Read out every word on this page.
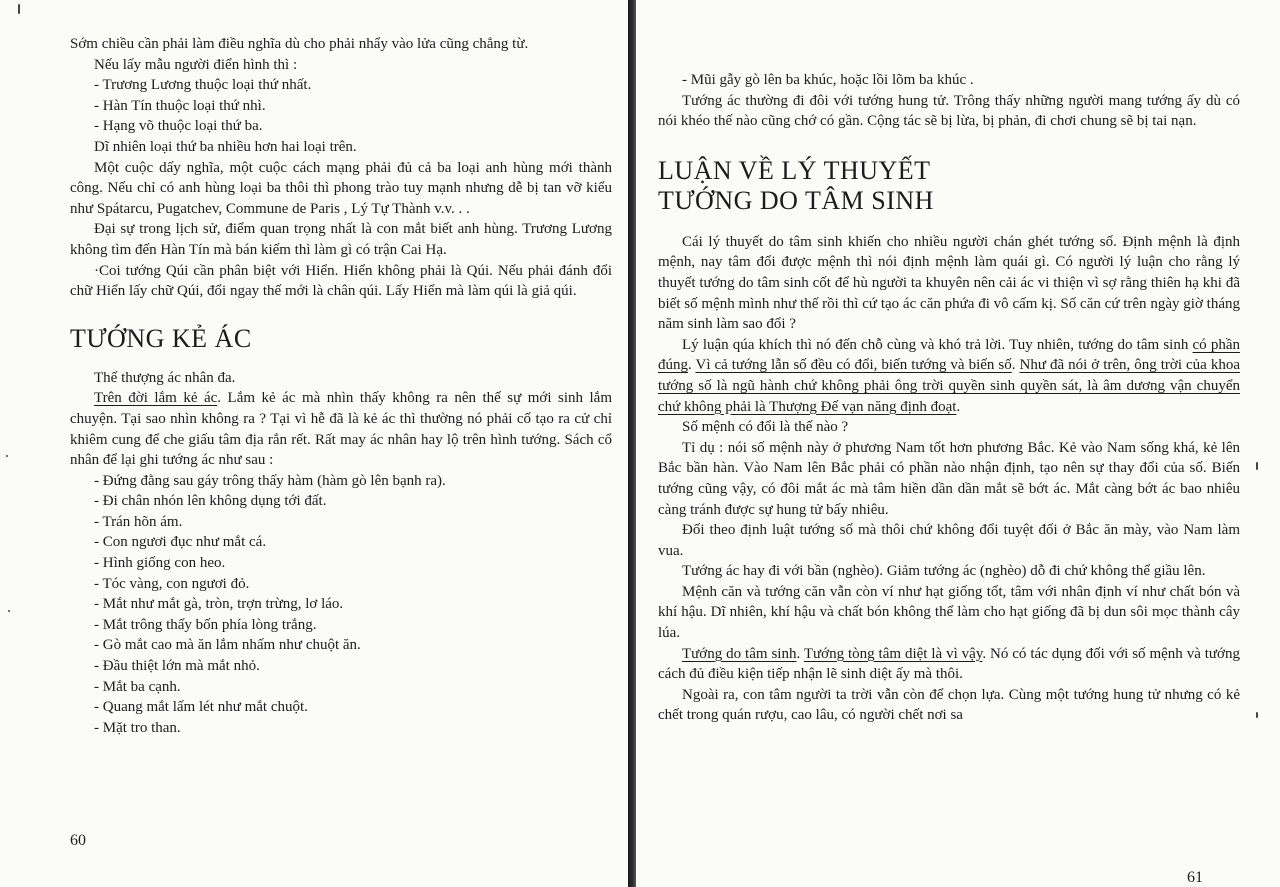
Sớm chiều cần phải làm điều nghĩa dù cho phải nhẩy vào lửa cũng chẳng từ.

Nếu lấy mẫu người điển hình thì :

- Trương Lương thuộc loại thứ nhất.

- Hàn Tín thuộc loại thứ nhì.

- Hạng võ thuộc loại thứ ba.

Dĩ nhiên loại thứ ba nhiều hơn hai loại trên.

Một cuộc dấy nghĩa, một cuộc cách mạng phải đủ cả ba loại anh hùng mới thành công. Nếu chỉ có anh hùng loại ba thôi thì phong trào tuy mạnh nhưng dễ bị tan vỡ kiểu như Spátarcu, Pugatchev, Commune de Paris , Lý Tự Thành v.v. . .

Đại sự trong lịch sử, điểm quan trọng nhất là con mắt biết anh hùng. Trương Lương không tìm đến Hàn Tín mà bán kiếm thì làm gì có trận Cai Hạ.

·Coi tướng Qúi cần phân biệt với Hiển. Hiển không phải là Qúi. Nếu phải đánh đổi chữ Hiển lấy chữ Qúi, đổi ngay thế mới là chân qúi. Lấy Hiển mà làm qúi là giả qúi.

TƯỚNG KẺ ÁC

Thế thượng ác nhân đa.

Trên đời lắm kẻ ác. Lắm kẻ ác mà nhìn thấy không ra nên thế sự mới sinh lắm chuyện. Tại sao nhìn không ra ? Tại vì hễ đã là kẻ ác thì thường nó phải cố tạo ra cử chỉ khiêm cung để che giấu tâm địa rắn rết. Rất may ác nhân hay lộ trên hình tướng. Sách cổ nhân để lại ghi tướng ác như sau :

- Đứng đằng sau gáy trông thấy hàm (hàm gò lên bạnh ra).

- Đi chân nhón lên không dụng tới đất.

- Trán hõn ám.

- Con ngươi đục như mắt cá.

- Hình giống con heo.

- Tóc vàng, con ngươi đỏ.

- Mắt như mắt gà, tròn, trợn trừng, lơ láo.

- Mắt trông thấy bốn phía lòng trắng.

- Gò mắt cao mà ăn lắm nhấm như chuột ăn.

- Đầu thiệt lớn mà mắt nhỏ.

- Mắt ba cạnh.

- Quang mắt lấm lét như mắt chuột.

- Mặt tro than.

60

- Mũi gẫy gò lên ba khúc, hoặc lồi lõm ba khúc .

Tướng ác thường đi đôi với tướng hung tử. Trông thấy những người mang tướng ấy dù có nói khéo thế nào cũng chớ có gần. Cộng tác sẽ bị lừa, bị phản, đi chơi chung sẽ bị tai nạn.

LUẬN VỀ LÝ THUYẾT
TƯỚNG DO TÂM SINH

Cái lý thuyết do tâm sinh khiến cho nhiều người chán ghét tướng số. Định mệnh là định mệnh, nay tâm đổi được mệnh thì nói định mệnh làm quái gì. Có người lý luận cho rằng lý thuyết tướng do tâm sinh cốt để hù người ta khuyên nên cải ác vi thiện vì sợ rằng thiên hạ khi đã biết số mệnh mình như thế rồi thì cứ tạo ác căn phứa đi vô cấm kị. Số căn cứ trên ngày giờ tháng năm sinh làm sao đổi ?

Lý luận qúa khích thì nó đến chỗ cùng và khó trả lời. Tuy nhiên, tướng do tâm sinh có phần đúng. Vì cả tướng lẫn số đều có đổi, biến tướng và biến số. Như đã nói ở trên, ông trời của khoa tướng số là ngũ hành chứ không phải ông trời quyền sinh quyền sát, là âm dương vận chuyển chứ không phải là Thượng Đế vạn năng định đoạt.

Số mệnh có đổi là thế nào ?

Tỉ dụ : nói số mệnh này ở phương Nam tốt hơn phương Bắc. Kẻ vào Nam sống khá, kẻ lên Bắc bần hàn. Vào Nam lên Bắc phải có phần nào nhận định, tạo nên sự thay đổi của số. Biến tướng cũng vậy, có đôi mắt ác mà tâm hiền dần dần mắt sẽ bớt ác. Mắt càng bớt ác bao nhiêu càng tránh được sự hung tử bấy nhiêu.

Đối theo định luật tướng số mà thôi chứ không đổi tuyệt đối ở Bắc ăn mày, vào Nam làm vua.

Tướng ác hay đi với bần (nghèo). Giảm tướng ác (nghèo) dỗ đi chứ không thể giầu lên.

Mệnh căn và tướng căn vẫn còn ví như hạt giống tốt, tâm với nhân định ví như chất bón và khí hậu. Dĩ nhiên, khí hậu và chất bón không thể làm cho hạt giống đã bị dun sôi mọc thành cây lúa.

Tướng do tâm sinh. Tướng tòng tâm diệt là vì vậy. Nó có tác dụng đối với số mệnh và tướng cách đủ điều kiện tiếp nhận lẽ sinh diệt ấy mà thôi.

Ngoài ra, con tâm người ta trời vẫn còn để chọn lựa. Cùng một tướng hung tử nhưng có kẻ chết trong quán rượu, cao lâu, có người chết nơi sa

61
